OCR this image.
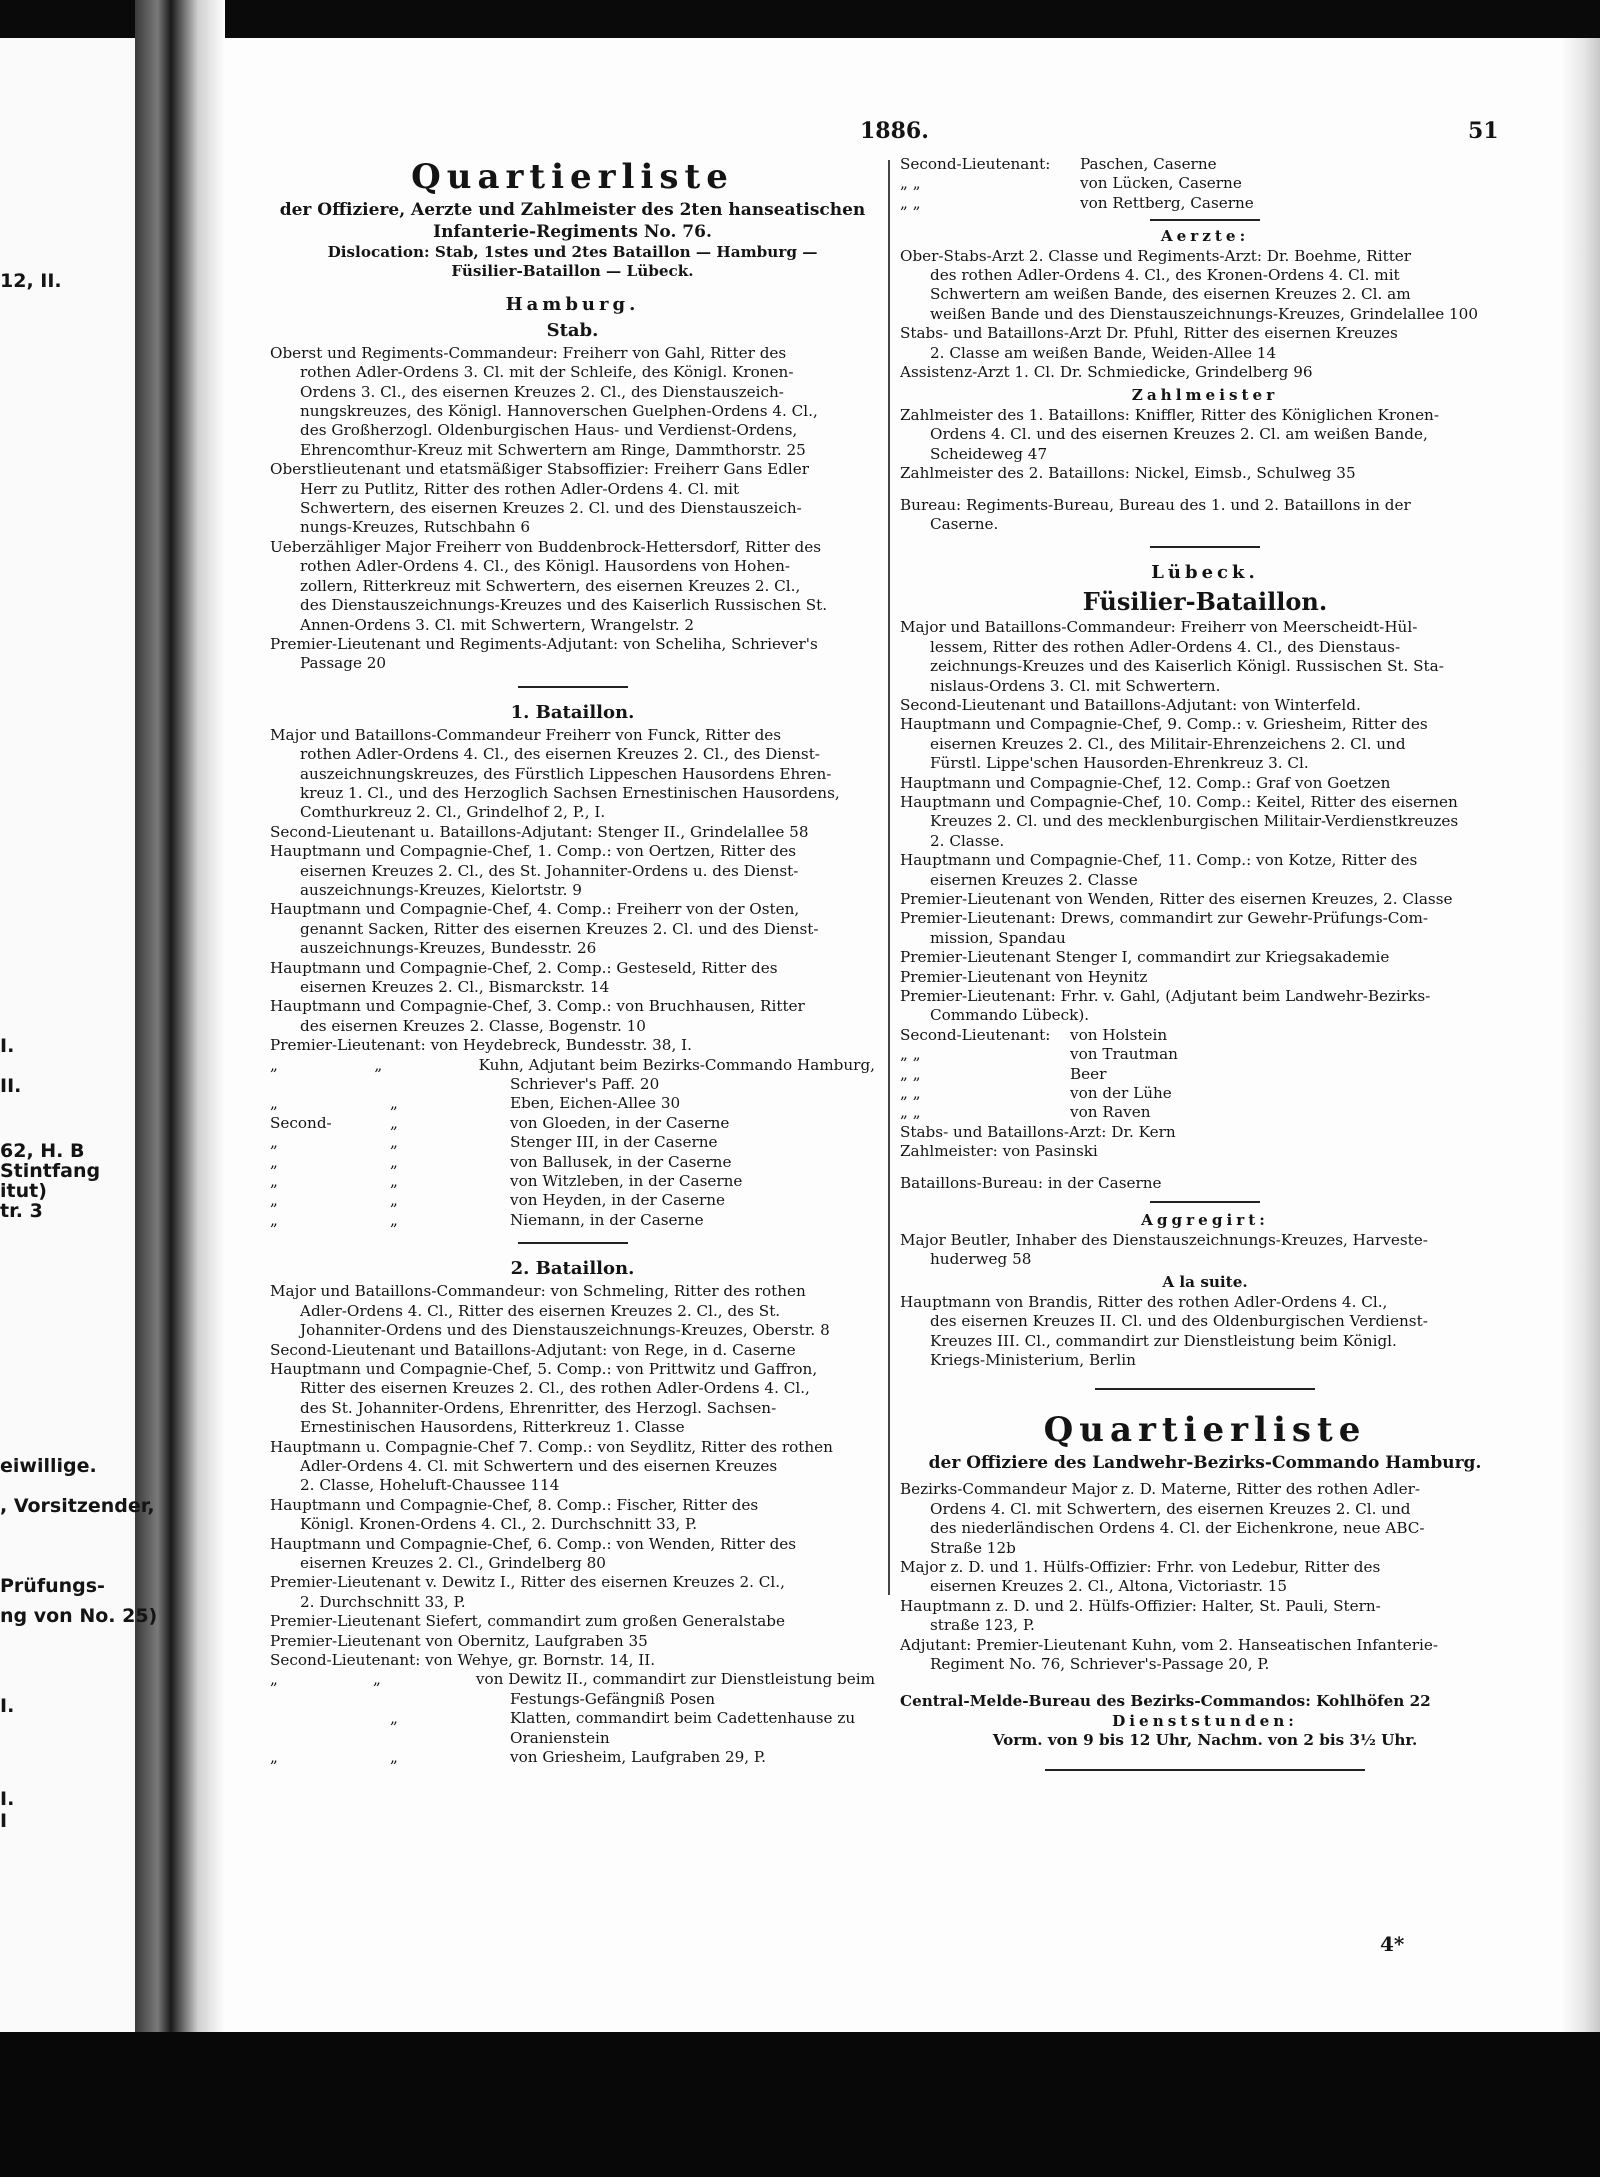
12, II.
I.
II.
62, H. B
Stintfang
itut)
tr. 3
eiwillige.
, Vorsitzender,
Prüfungs-
ng von No. 25)
I.
I.
I
1886.	51
Quartierliste
der Offiziere, Aerzte und Zahlmeister des 2ten hanseatischen
Infanterie-Regiments No. 76.
Dislocation: Stab, 1stes und 2tes Bataillon — Hamburg —
Füsilier-Bataillon — Lübeck.
Hamburg.
Stab.
Oberst und Regiments-Commandeur: Freiherr von Gahl, Ritter des
rothen Adler-Ordens 3. Cl. mit der Schleife, des Königl. Kronen-
Ordens 3. Cl., des eisernen Kreuzes 2. Cl., des Dienstauszeich-
nungskreuzes, des Königl. Hannoverschen Guelphen-Ordens 4. Cl.,
des Großherzogl. Oldenburgischen Haus- und Verdienst-Ordens,
Ehrencomthur-Kreuz mit Schwertern am Ringe, Dammthorstr. 25
Oberstlieutenant und etatsmäßiger Stabsoffizier: Freiherr Gans Edler
Herr zu Putlitz, Ritter des rothen Adler-Ordens 4. Cl. mit
Schwertern, des eisernen Kreuzes 2. Cl. und des Dienstauszeich-
nungs-Kreuzes, Rutschbahn 6
Ueberzähliger Major Freiherr von Buddenbrock-Hettersdorf, Ritter des
rothen Adler-Ordens 4. Cl., des Königl. Hausordens von Hohen-
zollern, Ritterkreuz mit Schwertern, des eisernen Kreuzes 2. Cl.,
des Dienstauszeichnungs-Kreuzes und des Kaiserlich Russischen St.
Annen-Ordens 3. Cl. mit Schwertern, Wrangelstr. 2
Premier-Lieutenant und Regiments-Adjutant: von Scheliha, Schriever's
Passage 20
1. Bataillon.
Major und Bataillons-Commandeur Freiherr von Funck, Ritter des
rothen Adler-Ordens 4. Cl., des eisernen Kreuzes 2. Cl., des Dienst-
auszeichnungskreuzes, des Fürstlich Lippeschen Hausordens Ehren-
kreuz 1. Cl., und des Herzoglich Sachsen Ernestinischen Hausordens,
Comthurkreuz 2. Cl., Grindelhof 2, P., I.
Second-Lieutenant u. Bataillons-Adjutant: Stenger II., Grindelallee 58
Hauptmann und Compagnie-Chef, 1. Comp.: von Oertzen, Ritter des
eisernen Kreuzes 2. Cl., des St. Johanniter-Ordens u. des Dienst-
auszeichnungs-Kreuzes, Kielortstr. 9
Hauptmann und Compagnie-Chef, 4. Comp.: Freiherr von der Osten,
genannt Sacken, Ritter des eisernen Kreuzes 2. Cl. und des Dienst-
auszeichnungs-Kreuzes, Bundesstr. 26
Hauptmann und Compagnie-Chef, 2. Comp.: Gesteseld, Ritter des
eisernen Kreuzes 2. Cl., Bismarckstr. 14
Hauptmann und Compagnie-Chef, 3. Comp.: von Bruchhausen, Ritter
des eisernen Kreuzes 2. Classe, Bogenstr. 10
Premier-Lieutenant: von Heydebreck, Bundesstr. 38, I.
„	„	Kuhn, Adjutant beim Bezirks-Commando Hamburg,
Schriever's Paff. 20
„	„	Eben, Eichen-Allee 30
Second-	„	von Gloeden, in der Caserne
„	„	Stenger III, in der Caserne
„	„	von Ballusek, in der Caserne
„	„	von Witzleben, in der Caserne
„	„	von Heyden, in der Caserne
„	„	Niemann, in der Caserne
2. Bataillon.
Major und Bataillons-Commandeur: von Schmeling, Ritter des rothen
Adler-Ordens 4. Cl., Ritter des eisernen Kreuzes 2. Cl., des St.
Johanniter-Ordens und des Dienstauszeichnungs-Kreuzes, Oberstr. 8
Second-Lieutenant und Bataillons-Adjutant: von Rege, in d. Caserne
Hauptmann und Compagnie-Chef, 5. Comp.: von Prittwitz und Gaffron,
Ritter des eisernen Kreuzes 2. Cl., des rothen Adler-Ordens 4. Cl.,
des St. Johanniter-Ordens, Ehrenritter, des Herzogl. Sachsen-
Ernestinischen Hausordens, Ritterkreuz 1. Classe
Hauptmann u. Compagnie-Chef 7. Comp.: von Seydlitz, Ritter des rothen
Adler-Ordens 4. Cl. mit Schwertern und des eisernen Kreuzes
2. Classe, Hoheluft-Chaussee 114
Hauptmann und Compagnie-Chef, 8. Comp.: Fischer, Ritter des
Königl. Kronen-Ordens 4. Cl., 2. Durchschnitt 33, P.
Hauptmann und Compagnie-Chef, 6. Comp.: von Wenden, Ritter des
eisernen Kreuzes 2. Cl., Grindelberg 80
Premier-Lieutenant v. Dewitz I., Ritter des eisernen Kreuzes 2. Cl.,
2. Durchschnitt 33, P.
Premier-Lieutenant Siefert, commandirt zum großen Generalstabe
Premier-Lieutenant von Obernitz, Laufgraben 35
Second-Lieutenant: von Wehye, gr. Bornstr. 14, II.
„	„	von Dewitz II., commandirt zur Dienstleistung beim
Festungs-Gefängniß Posen
„	Klatten, commandirt beim Cadettenhause zu
Oranienstein
„	„	von Griesheim, Laufgraben 29, P.
Second-Lieutenant:	Paschen, Caserne
„ „	von Lücken, Caserne
„ „	von Rettberg, Caserne
Aerzte:
Ober-Stabs-Arzt 2. Classe und Regiments-Arzt: Dr. Boehme, Ritter
des rothen Adler-Ordens 4. Cl., des Kronen-Ordens 4. Cl. mit
Schwertern am weißen Bande, des eisernen Kreuzes 2. Cl. am
weißen Bande und des Dienstauszeichnungs-Kreuzes, Grindelallee 100
Stabs- und Bataillons-Arzt Dr. Pfuhl, Ritter des eisernen Kreuzes
2. Classe am weißen Bande, Weiden-Allee 14
Assistenz-Arzt 1. Cl. Dr. Schmiedicke, Grindelberg 96
Zahlmeister
Zahlmeister des 1. Bataillons: Kniffler, Ritter des Königlichen Kronen-
Ordens 4. Cl. und des eisernen Kreuzes 2. Cl. am weißen Bande,
Scheideweg 47
Zahlmeister des 2. Bataillons: Nickel, Eimsb., Schulweg 35
Bureau: Regiments-Bureau, Bureau des 1. und 2. Bataillons in der
Caserne.
Lübeck.
Füsilier-Bataillon.
Major und Bataillons-Commandeur: Freiherr von Meerscheidt-Hül-
lessem, Ritter des rothen Adler-Ordens 4. Cl., des Dienstaus-
zeichnungs-Kreuzes und des Kaiserlich Königl. Russischen St. Sta-
nislaus-Ordens 3. Cl. mit Schwertern.
Second-Lieutenant und Bataillons-Adjutant: von Winterfeld.
Hauptmann und Compagnie-Chef, 9. Comp.: v. Griesheim, Ritter des
eisernen Kreuzes 2. Cl., des Militair-Ehrenzeichens 2. Cl. und
Fürstl. Lippe'schen Hausorden-Ehrenkreuz 3. Cl.
Hauptmann und Compagnie-Chef, 12. Comp.: Graf von Goetzen
Hauptmann und Compagnie-Chef, 10. Comp.: Keitel, Ritter des eisernen
Kreuzes 2. Cl. und des mecklenburgischen Militair-Verdienstkreuzes
2. Classe.
Hauptmann und Compagnie-Chef, 11. Comp.: von Kotze, Ritter des
eisernen Kreuzes 2. Classe
Premier-Lieutenant von Wenden, Ritter des eisernen Kreuzes, 2. Classe
Premier-Lieutenant: Drews, commandirt zur Gewehr-Prüfungs-Com-
mission, Spandau
Premier-Lieutenant Stenger I, commandirt zur Kriegsakademie
Premier-Lieutenant von Heynitz
Premier-Lieutenant: Frhr. v. Gahl, (Adjutant beim Landwehr-Bezirks-
Commando Lübeck).
Second-Lieutenant:	von Holstein
„ „	von Trautman
„ „	Beer
„ „	von der Lühe
„ „	von Raven
Stabs- und Bataillons-Arzt: Dr. Kern
Zahlmeister: von Pasinski
Bataillons-Bureau: in der Caserne
Aggregirt:
Major Beutler, Inhaber des Dienstauszeichnungs-Kreuzes, Harveste-
huderweg 58
A la suite.
Hauptmann von Brandis, Ritter des rothen Adler-Ordens 4. Cl.,
des eisernen Kreuzes II. Cl. und des Oldenburgischen Verdienst-
Kreuzes III. Cl., commandirt zur Dienstleistung beim Königl.
Kriegs-Ministerium, Berlin
Quartierliste
der Offiziere des Landwehr-Bezirks-Commando Hamburg.
Bezirks-Commandeur Major z. D. Materne, Ritter des rothen Adler-
Ordens 4. Cl. mit Schwertern, des eisernen Kreuzes 2. Cl. und
des niederländischen Ordens 4. Cl. der Eichenkrone, neue ABC-
Straße 12b
Major z. D. und 1. Hülfs-Offizier: Frhr. von Ledebur, Ritter des
eisernen Kreuzes 2. Cl., Altona, Victoriastr. 15
Hauptmann z. D. und 2. Hülfs-Offizier: Halter, St. Pauli, Stern-
straße 123, P.
Adjutant: Premier-Lieutenant Kuhn, vom 2. Hanseatischen Infanterie-
Regiment No. 76, Schriever's-Passage 20, P.
Central-Melde-Bureau des Bezirks-Commandos: Kohlhöfen 22
Dienststunden:
Vorm. von 9 bis 12 Uhr, Nachm. von 2 bis 3½ Uhr.
4*
